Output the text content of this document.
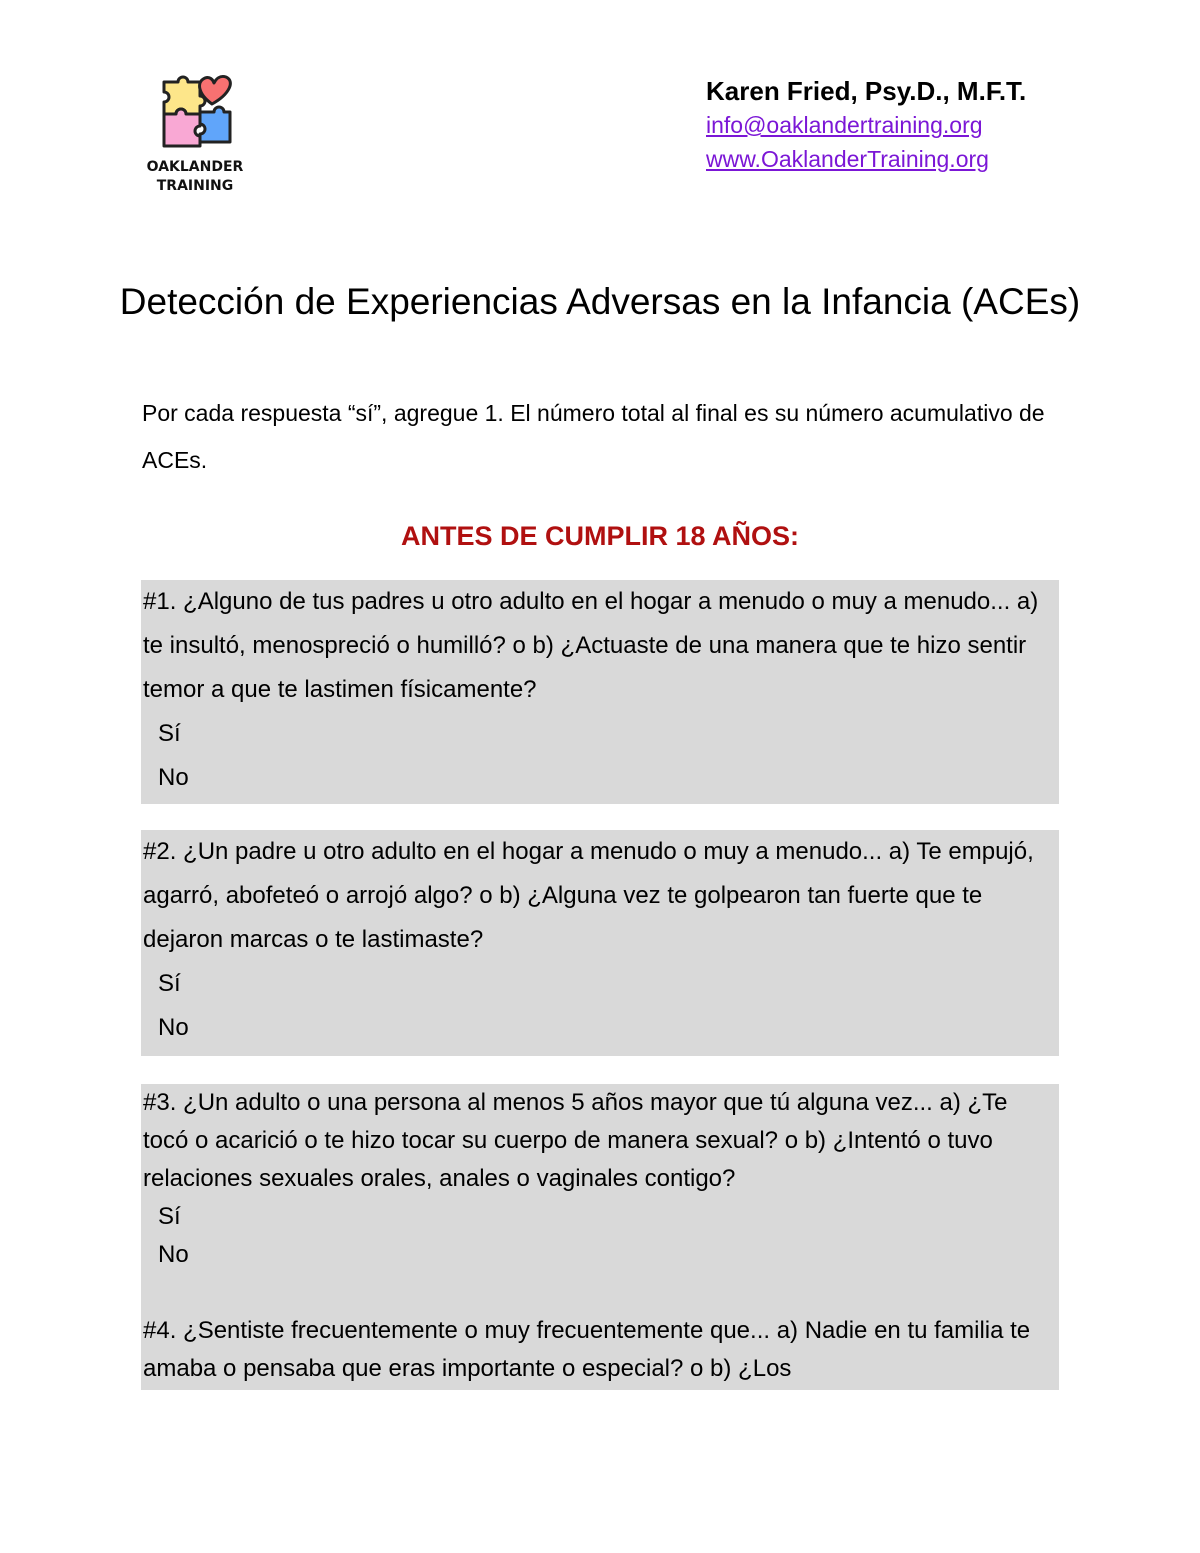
OAKLANDER
TRAINING

Karen Fried, Psy.D., M.F.T.

info@oaklandertraining.org
www.OaklanderTraining.org
Detección de Experiencias Adversas en la Infancia (ACEs)

Por cada respuesta “sí”, agregue 1. El número total al final es su número acumulativo de ACEs.

ANTES DE CUMPLIR 18 AÑOS:

#1. ¿Alguno de tus padres u otro adulto en el hogar a menudo o muy a menudo... a) te insultó, menospreció o humilló? o b) ¿Actuaste de una manera que te hizo sentir temor a que te lastimen físicamente?

Sí

No

#2. ¿Un padre u otro adulto en el hogar a menudo o muy a menudo... a) Te empujó, agarró, abofeteó o arrojó algo? o b) ¿Alguna vez te golpearon tan fuerte que te dejaron marcas o te lastimaste?

Sí

No

#3. ¿Un adulto o una persona al menos 5 años mayor que tú alguna vez... a) ¿Te tocó o acarició o te hizo tocar su cuerpo de manera sexual? o b) ¿Intentó o tuvo relaciones sexuales orales, anales o vaginales contigo?

Sí

No

#4. ¿Sentiste frecuentemente o muy frecuentemente que... a) Nadie en tu familia te amaba o pensaba que eras importante o especial? o b) ¿Los
